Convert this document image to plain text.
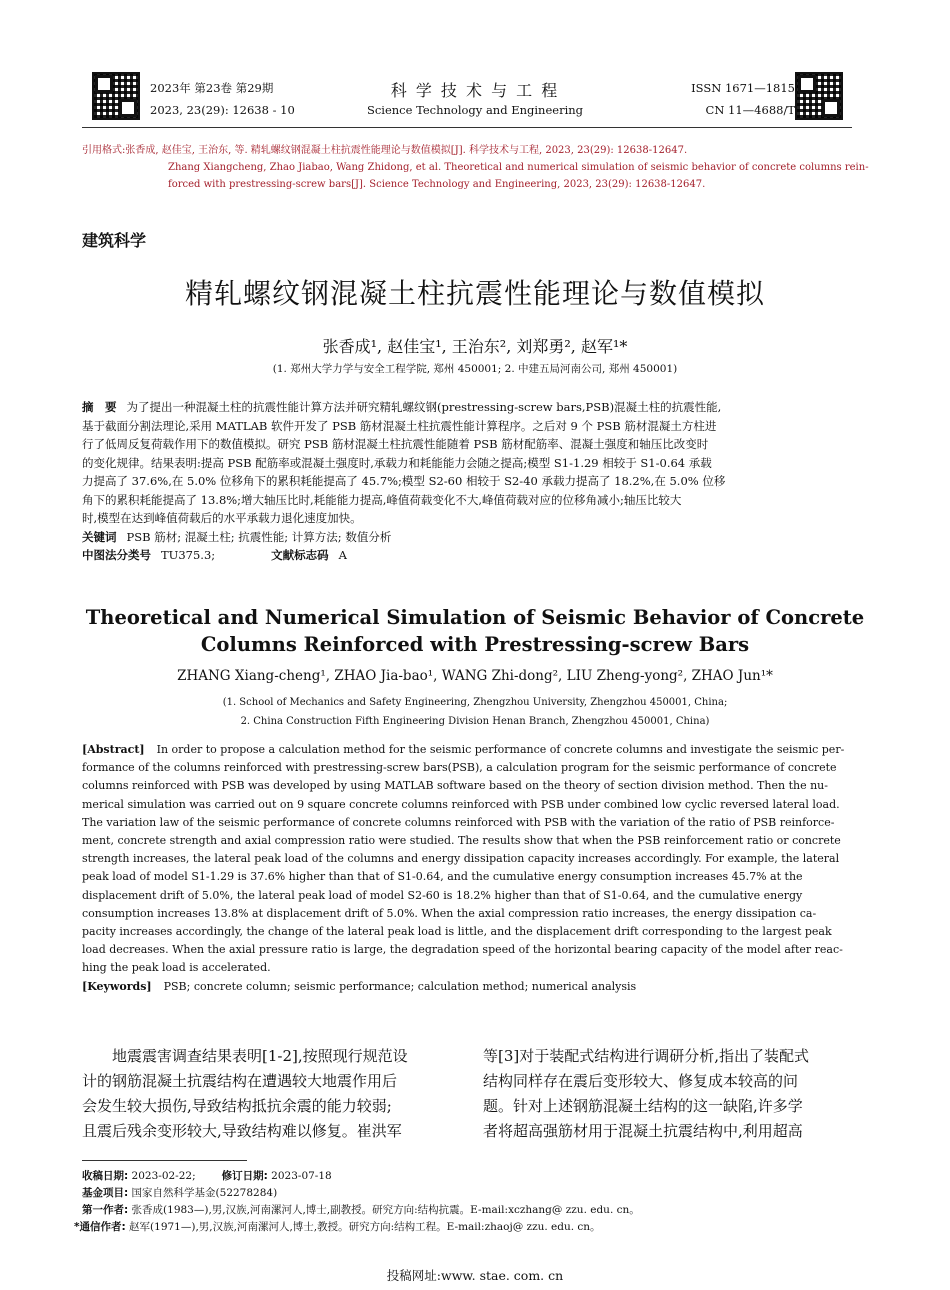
2023年 第23卷 第29期
2023, 23(29): 12638 - 10
科 学 技 术 与 工 程
Science Technology and Engineering
ISSN 1671—1815
CN 11—4688/T
引用格式:张香成, 赵佳宝, 王治东, 等. 精轧螺纹钢混凝土柱抗震性能理论与数值模拟[J]. 科学技术与工程, 2023, 23(29): 12638-12647.
Zhang Xiangcheng, Zhao Jiabao, Wang Zhidong, et al. Theoretical and numerical simulation of seismic behavior of concrete columns rein-
forced with prestressing-screw bars[J]. Science Technology and Engineering, 2023, 23(29): 12638-12647.
建筑科学
精轧螺纹钢混凝土柱抗震性能理论与数值模拟
张香成¹, 赵佳宝¹, 王治东², 刘郑勇², 赵军¹*
(1. 郑州大学力学与安全工程学院, 郑州 450001; 2. 中建五局河南公司, 郑州 450001)
摘　要 为了提出一种混凝土柱的抗震性能计算方法并研究精轧螺纹钢(prestressing-screw bars,PSB)混凝土柱的抗震性能,
基于截面分割法理论,采用 MATLAB 软件开发了 PSB 筋材混凝土柱抗震性能计算程序。之后对 9 个 PSB 筋材混凝土方柱进
行了低周反复荷载作用下的数值模拟。研究 PSB 筋材混凝土柱抗震性能随着 PSB 筋材配筋率、混凝土强度和轴压比改变时
的变化规律。结果表明:提高 PSB 配筋率或混凝土强度时,承载力和耗能能力会随之提高;模型 S1-1.29 相较于 S1-0.64 承载
力提高了 37.6%,在 5.0% 位移角下的累积耗能提高了 45.7%;模型 S2-60 相较于 S2-40 承载力提高了 18.2%,在 5.0% 位移
角下的累积耗能提高了 13.8%;增大轴压比时,耗能能力提高,峰值荷载变化不大,峰值荷载对应的位移角减小;轴压比较大
时,模型在达到峰值荷载后的水平承载力退化速度加快。
关键词 PSB 筋材; 混凝土柱; 抗震性能; 计算方法; 数值分析
中图法分类号 TU375.3;	文献标志码 A
Theoretical and Numerical Simulation of Seismic Behavior of Concrete
Columns Reinforced with Prestressing-screw Bars
ZHANG Xiang-cheng¹, ZHAO Jia-bao¹, WANG Zhi-dong², LIU Zheng-yong², ZHAO Jun¹*
(1. School of Mechanics and Safety Engineering, Zhengzhou University, Zhengzhou 450001, China;
2. China Construction Fifth Engineering Division Henan Branch, Zhengzhou 450001, China)
[Abstract] In order to propose a calculation method for the seismic performance of concrete columns and investigate the seismic per-
formance of the columns reinforced with prestressing-screw bars(PSB), a calculation program for the seismic performance of concrete
columns reinforced with PSB was developed by using MATLAB software based on the theory of section division method. Then the nu-
merical simulation was carried out on 9 square concrete columns reinforced with PSB under combined low cyclic reversed lateral load.
The variation law of the seismic performance of concrete columns reinforced with PSB with the variation of the ratio of PSB reinforce-
ment, concrete strength and axial compression ratio were studied. The results show that when the PSB reinforcement ratio or concrete
strength increases, the lateral peak load of the columns and energy dissipation capacity increases accordingly. For example, the lateral
peak load of model S1-1.29 is 37.6% higher than that of S1-0.64, and the cumulative energy consumption increases 45.7% at the
displacement drift of 5.0%, the lateral peak load of model S2-60 is 18.2% higher than that of S1-0.64, and the cumulative energy
consumption increases 13.8% at displacement drift of 5.0%. When the axial compression ratio increases, the energy dissipation ca-
pacity increases accordingly, the change of the lateral peak load is little, and the displacement drift corresponding to the largest peak
load decreases. When the axial pressure ratio is large, the degradation speed of the horizontal bearing capacity of the model after reac-
hing the peak load is accelerated.
[Keywords] PSB; concrete column; seismic performance; calculation method; numerical analysis
地震震害调查结果表明[1-2],按照现行规范设
计的钢筋混凝土抗震结构在遭遇较大地震作用后
会发生较大损伤,导致结构抵抗余震的能力较弱;
且震后残余变形较大,导致结构难以修复。崔洪军
等[3]对于装配式结构进行调研分析,指出了装配式
结构同样存在震后变形较大、修复成本较高的问
题。针对上述钢筋混凝土结构的这一缺陷,许多学
者将超高强筋材用于混凝土抗震结构中,利用超高
收稿日期: 2023-02-22; 修订日期: 2023-07-18
基金项目: 国家自然科学基金(52278284)
第一作者: 张香成(1983—),男,汉族,河南漯河人,博士,副教授。研究方向:结构抗震。E-mail:xczhang@ zzu. edu. cn。
*通信作者: 赵军(1971—),男,汉族,河南漯河人,博士,教授。研究方向:结构工程。E-mail:zhaoj@ zzu. edu. cn。
投稿网址:www. stae. com. cn
